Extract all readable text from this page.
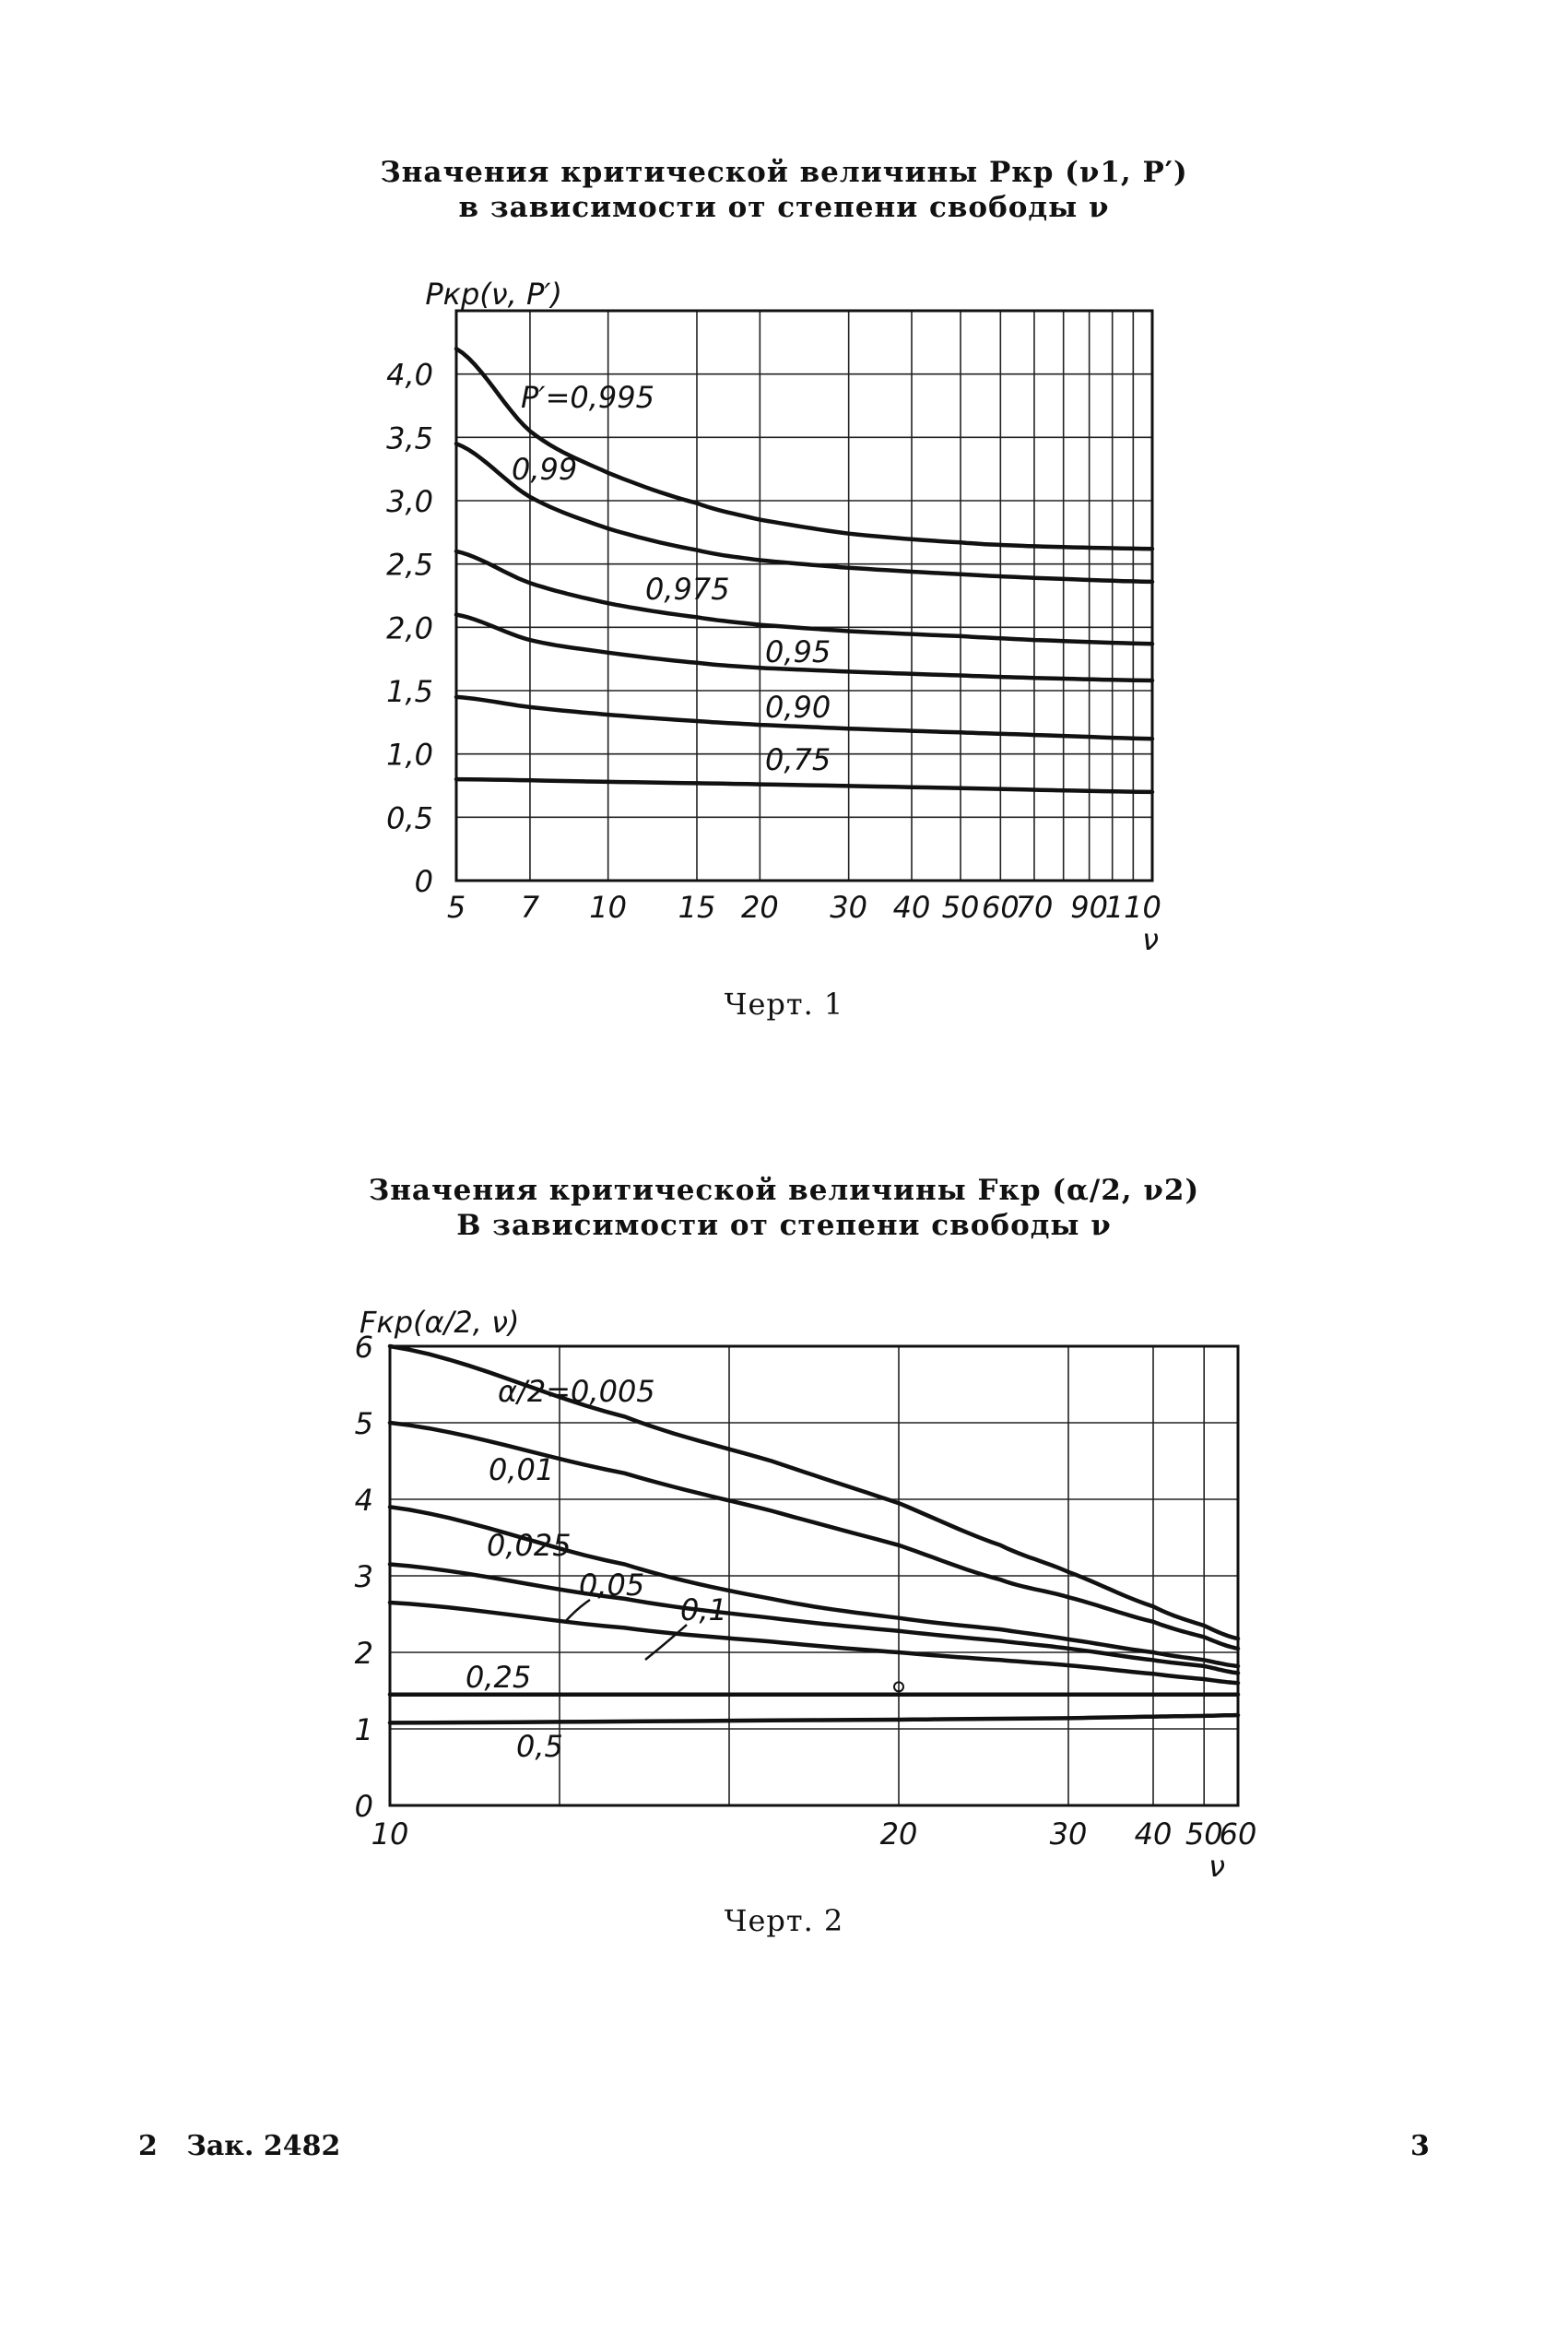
Значения критической величины Pкр (ν1, P′)
в зависимости от степени свободы ν
Значения критической величины Fкр (α/2, ν2)
В зависимости от степени свободы ν
5 7 10 15 20 30 40 50 60
70 90
110
0
0,5
1,0
1,5
2,0
2,5
3,0
3,5
4,0
Pкр(ν, P′)
ν
P′=0,995
0,99
0,975
0,95
0,90
0,75
10	20	30 40 50
60
0
1
2
3
4
5
6
Fкр(α/2, ν)
ν
α/2=0,005
0,01
0,025
0,05
0,1
0,25
0,5
Черт. 1
Черт. 2
2 Зак. 2482	3
